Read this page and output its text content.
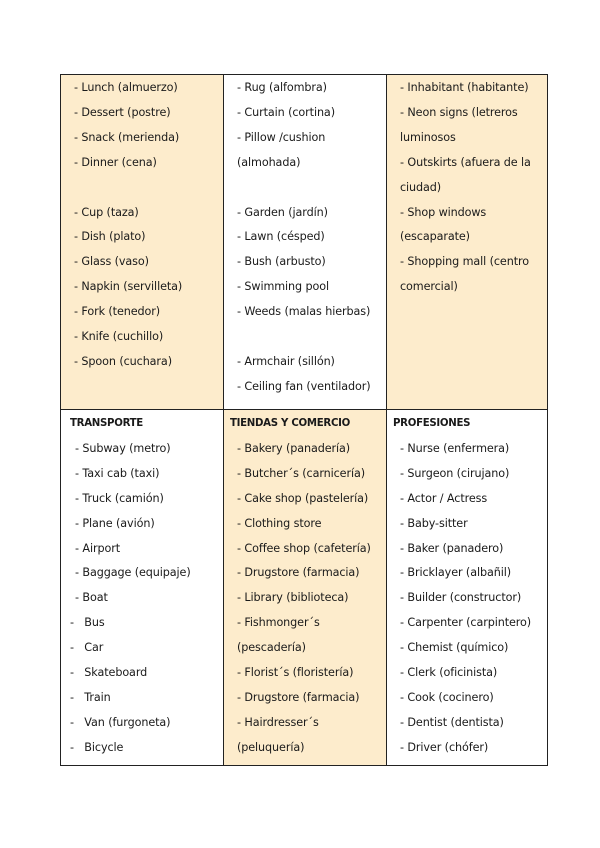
- Lunch (almuerzo)
- Dessert (postre)
- Snack (merienda)
- Dinner (cena)
- Cup (taza)
- Dish (plato)
- Glass (vaso)
- Napkin (servilleta)
- Fork (tenedor)
- Knife (cuchillo)
- Spoon (cuchara)
- Rug (alfombra)
- Curtain (cortina)
- Pillow /cushion
(almohada)
- Garden (jardín)
- Lawn (césped)
- Bush (arbusto)
- Swimming pool
- Weeds (malas hierbas)
- Armchair (sillón)
- Ceiling fan (ventilador)
- Inhabitant (habitante)
- Neon signs (letreros
luminosos
- Outskirts (afuera de la
ciudad)
- Shop windows
(escaparate)
- Shopping mall (centro
comercial)
TRANSPORTE
- Subway (metro)
- Taxi cab (taxi)
- Truck (camión)
- Plane (avión)
- Airport
- Baggage (equipaje)
- Boat
-   Bus
-   Car
-   Skateboard
-   Train
-   Van (furgoneta)
-   Bicycle
TIENDAS Y COMERCIO
- Bakery (panadería)
- Butcher´s (carnicería)
- Cake shop (pastelería)
- Clothing store
- Coffee shop (cafetería)
- Drugstore (farmacia)
- Library (biblioteca)
- Fishmonger´s
(pescadería)
- Florist´s (floristería)
- Drugstore (farmacia)
- Hairdresser´s
(peluquería)
PROFESIONES
- Nurse (enfermera)
- Surgeon (cirujano)
- Actor / Actress
- Baby-sitter
- Baker (panadero)
- Bricklayer (albañil)
- Builder (constructor)
- Carpenter (carpintero)
- Chemist (químico)
- Clerk (oficinista)
- Cook (cocinero)
- Dentist (dentista)
- Driver (chófer)
